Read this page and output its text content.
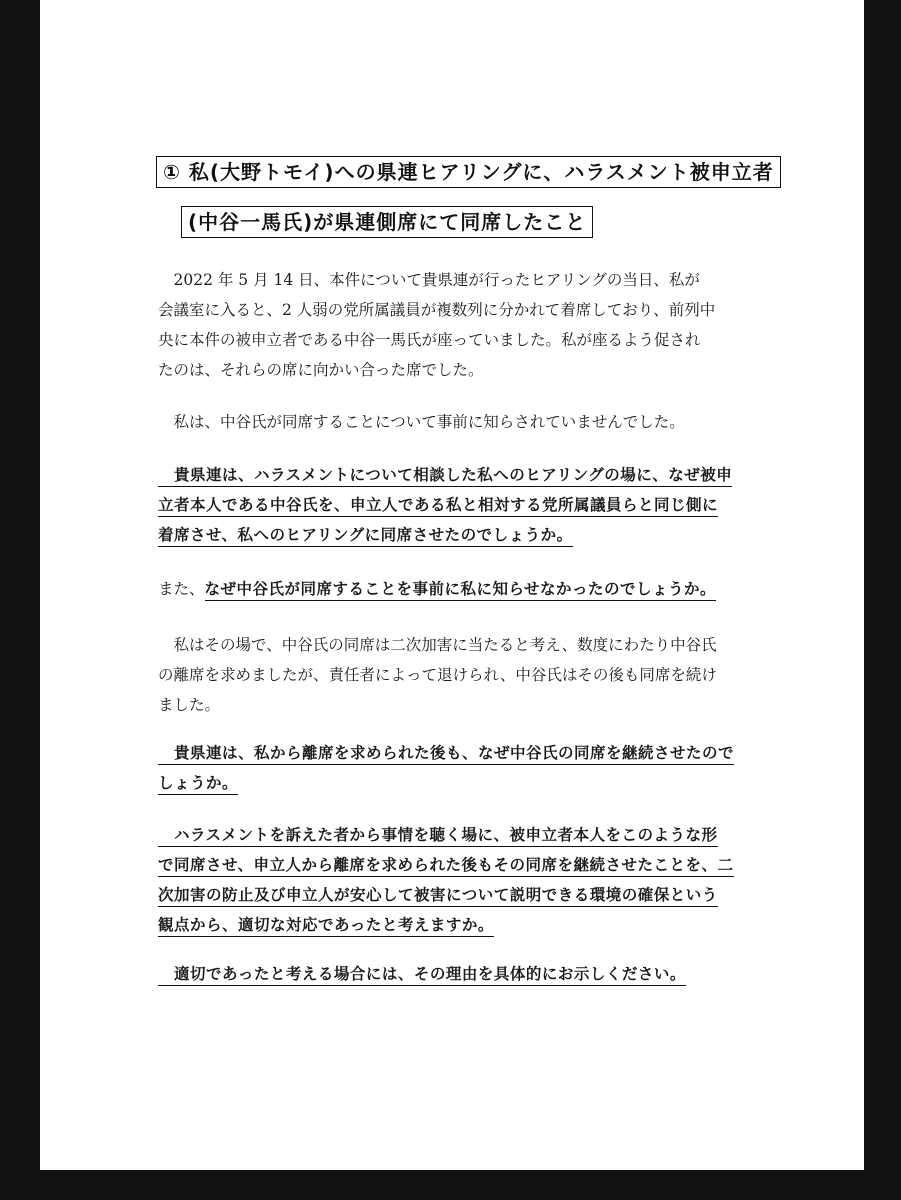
① 私(大野トモイ)への県連ヒアリングに、ハラスメント被申立者
(中谷一馬氏)が県連側席にて同席したこと
　2022 年 5 月 14 日、本件について貴県連が行ったヒアリングの当日、私が
会議室に入ると、2 人弱の党所属議員が複数列に分かれて着席しており、前列中
央に本件の被申立者である中谷一馬氏が座っていました。私が座るよう促され
たのは、それらの席に向かい合った席でした。
　私は、中谷氏が同席することについて事前に知らされていませんでした。
　貴県連は、ハラスメントについて相談した私へのヒアリングの場に、なぜ被申
立者本人である中谷氏を、申立人である私と相対する党所属議員らと同じ側に
着席させ、私へのヒアリングに同席させたのでしょうか。
また、なぜ中谷氏が同席することを事前に私に知らせなかったのでしょうか。
　私はその場で、中谷氏の同席は二次加害に当たると考え、数度にわたり中谷氏
の離席を求めましたが、責任者によって退けられ、中谷氏はその後も同席を続け
ました。
　貴県連は、私から離席を求められた後も、なぜ中谷氏の同席を継続させたので
しょうか。
　ハラスメントを訴えた者から事情を聴く場に、被申立者本人をこのような形
で同席させ、申立人から離席を求められた後もその同席を継続させたことを、二
次加害の防止及び申立人が安心して被害について説明できる環境の確保という
観点から、適切な対応であったと考えますか。
　適切であったと考える場合には、その理由を具体的にお示しください。
